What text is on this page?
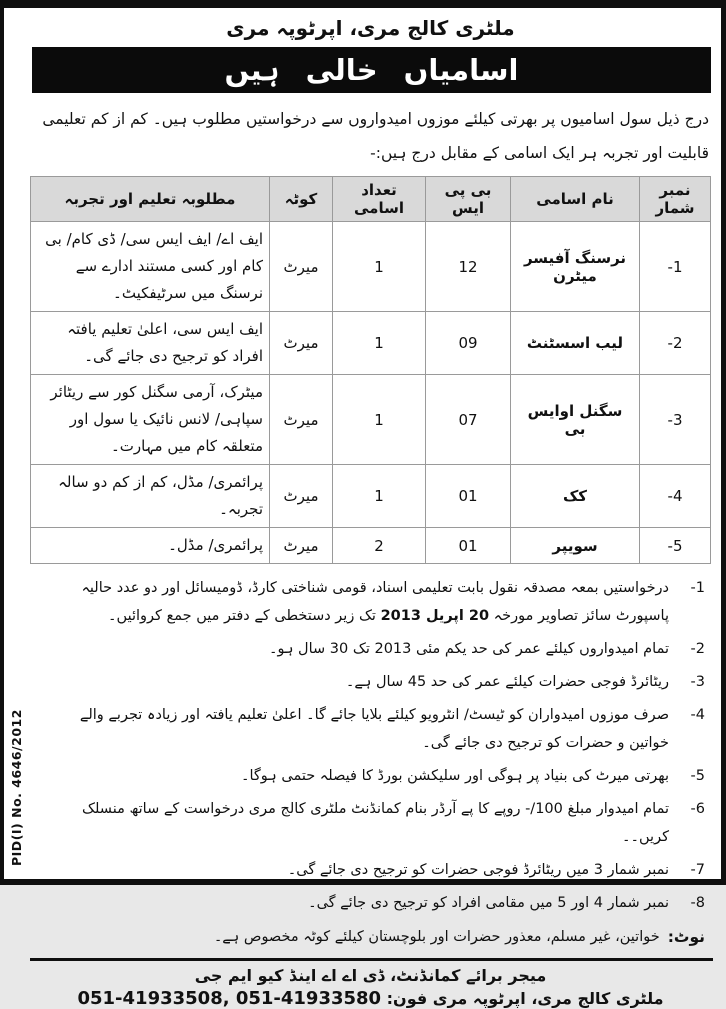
ملٹری کالج مری، اپرٹوپہ مری
اسامیاں خالی ہیں
درج ذیل سول اسامیوں پر بھرتی کیلئے موزوں امیدواروں سے درخواستیں مطلوب ہیں۔ کم از کم تعلیمی قابلیت اور تجربہ ہر ایک اسامی کے مقابل درج ہیں:-
نمبر شمار	نام اسامی	بی پی ایس	تعداد اسامی	کوٹہ	مطلوبہ تعلیم اور تجربہ
1-	نرسنگ آفیسر میٹرن	12	1	میرٹ	ایف اے/ ایف ایس سی/ ڈی کام/ بی کام اور کسی مستند ادارے سے نرسنگ میں سرٹیفکیٹ۔
2-	لیب اسسٹنٹ	09	1	میرٹ	ایف ایس سی، اعلیٰ تعلیم یافتہ افراد کو ترجیح دی جائے گی۔
3-	سگنل اوایس بی	07	1	میرٹ	میٹرک، آرمی سگنل کور سے ریٹائر سپاہی/ لانس نائیک یا سول اور متعلقہ کام میں مہارت۔
4-	کک	01	1	میرٹ	پرائمری/ مڈل، کم از کم دو سالہ تجربہ۔
5-	سویپر	01	2	میرٹ	پرائمری/ مڈل۔
1-
درخواستیں بمعہ مصدقہ نقول بابت تعلیمی اسناد، قومی شناختی کارڈ، ڈومیسائل اور دو عدد حالیہ پاسپورٹ سائز تصاویر مورخہ 20 اپریل 2013 تک زیر دستخطی کے دفتر میں جمع کروائیں۔
2-
تمام امیدواروں کیلئے عمر کی حد یکم مئی 2013 تک 30 سال ہو۔
3-
ریٹائرڈ فوجی حضرات کیلئے عمر کی حد 45 سال ہے۔
4-
صرف موزوں امیدواران کو ٹیسٹ/ انٹرویو کیلئے بلایا جائے گا۔ اعلیٰ تعلیم یافتہ اور زیادہ تجربے والے خواتین و حضرات کو ترجیح دی جائے گی۔
5-
بھرتی میرٹ کی بنیاد پر ہوگی اور سلیکشن بورڈ کا فیصلہ حتمی ہوگا۔
6-
تمام امیدوار مبلغ 100/- روپے کا پے آرڈر بنام کمانڈنٹ ملٹری کالج مری درخواست کے ساتھ منسلک کریں۔۔
7-
نمبر شمار 3 میں ریٹائرڈ فوجی حضرات کو ترجیح دی جائے گی۔
8-
نمبر شمار 4 اور 5 میں مقامی افراد کو ترجیح دی جائے گی۔
نوٹ:
خواتین، غیر مسلم، معذور حضرات اور بلوچستان کیلئے کوٹہ مخصوص ہے۔
میجر برائے کمانڈنٹ، ڈی اے اے اینڈ کیو ایم جی
ملٹری کالج مری، اپرٹوپہ مری فون: 051-41933508, 051-41933580
PID(I) No. 4646/2012
